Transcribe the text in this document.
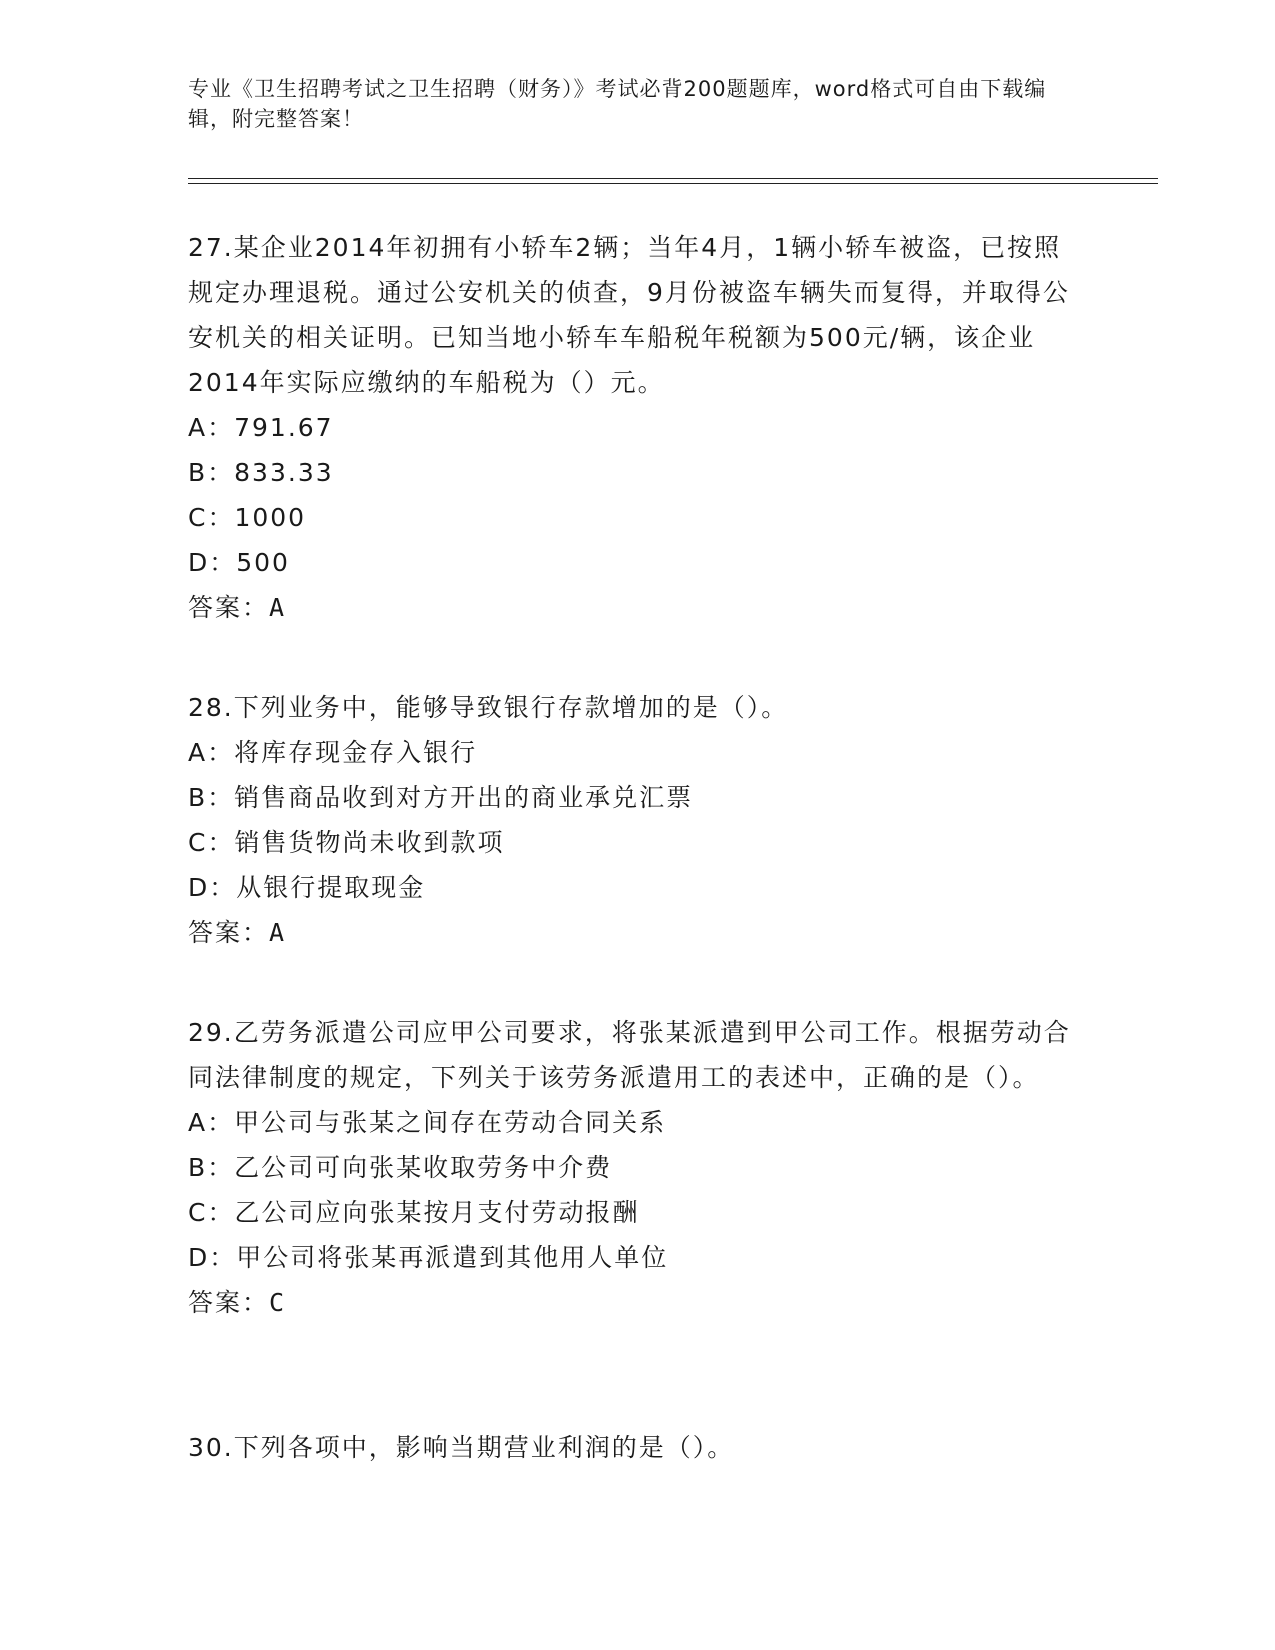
专业《卫生招聘考试之卫生招聘（财务）》考试必背200题题库，word格式可自由下载编辑，附完整答案！
27.某企业2014年初拥有小轿车2辆；当年4月，1辆小轿车被盗，已按照规定办理退税。通过公安机关的侦查，9月份被盗车辆失而复得，并取得公安机关的相关证明。已知当地小轿车车船税年税额为500元/辆，该企业2014年实际应缴纳的车船税为（）元。
A：791.67
B：833.33
C：1000
D：500
答案：A
28.下列业务中，能够导致银行存款增加的是（）。
A：将库存现金存入银行
B：销售商品收到对方开出的商业承兑汇票
C：销售货物尚未收到款项
D：从银行提取现金
答案：A
29.乙劳务派遣公司应甲公司要求，将张某派遣到甲公司工作。根据劳动合同法律制度的规定，下列关于该劳务派遣用工的表述中，正确的是（）。
A：甲公司与张某之间存在劳动合同关系
B：乙公司可向张某收取劳务中介费
C：乙公司应向张某按月支付劳动报酬
D：甲公司将张某再派遣到其他用人单位
答案：C
30.下列各项中，影响当期营业利润的是（）。
